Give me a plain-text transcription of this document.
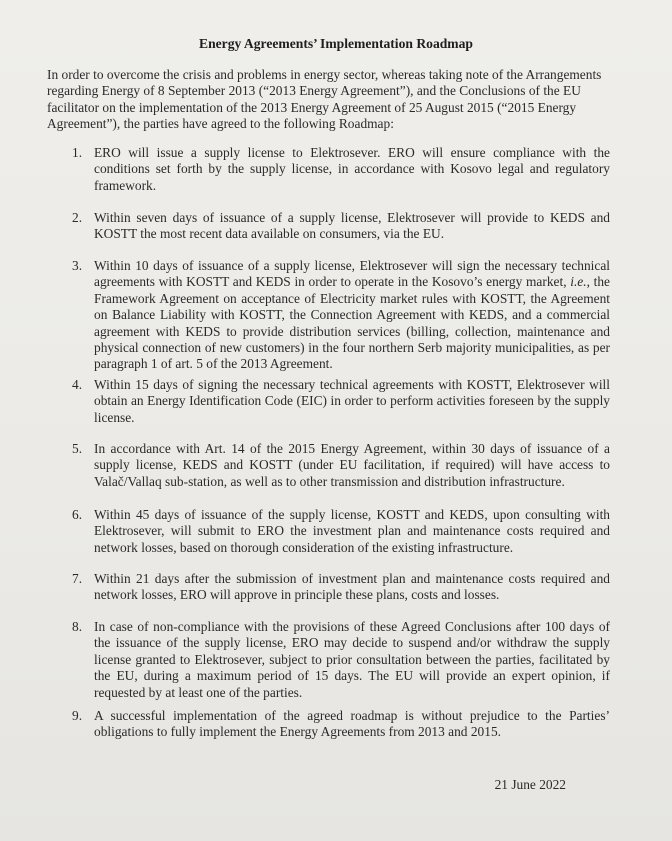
Energy Agreements’ Implementation Roadmap
In order to overcome the crisis and problems in energy sector, whereas taking note of the Arrangements regarding Energy of 8 September 2013 (“2013 Energy Agreement”), and the Conclusions of the EU facilitator on the implementation of the 2013 Energy Agreement of 25 August 2015 (“2015 Energy Agreement”), the parties have agreed to the following Roadmap:
1. ERO will issue a supply license to Elektrosever. ERO will ensure compliance with the conditions set forth by the supply license, in accordance with Kosovo legal and regulatory framework.
2. Within seven days of issuance of a supply license, Elektrosever will provide to KEDS and KOSTT the most recent data available on consumers, via the EU.
3. Within 10 days of issuance of a supply license, Elektrosever will sign the necessary technical agreements with KOSTT and KEDS in order to operate in the Kosovo’s energy market, i.e., the Framework Agreement on acceptance of Electricity market rules with KOSTT, the Agreement on Balance Liability with KOSTT, the Connection Agreement with KEDS, and a commercial agreement with KEDS to provide distribution services (billing, collection, maintenance and physical connection of new customers) in the four northern Serb majority municipalities, as per paragraph 1 of art. 5 of the 2013 Agreement.
4. Within 15 days of signing the necessary technical agreements with KOSTT, Elektrosever will obtain an Energy Identification Code (EIC) in order to perform activities foreseen by the supply license.
5. In accordance with Art. 14 of the 2015 Energy Agreement, within 30 days of issuance of a supply license, KEDS and KOSTT (under EU facilitation, if required) will have access to Valač/Vallaq sub-station, as well as to other transmission and distribution infrastructure.
6. Within 45 days of issuance of the supply license, KOSTT and KEDS, upon consulting with Elektrosever, will submit to ERO the investment plan and maintenance costs required and network losses, based on thorough consideration of the existing infrastructure.
7. Within 21 days after the submission of investment plan and maintenance costs required and network losses, ERO will approve in principle these plans, costs and losses.
8. In case of non-compliance with the provisions of these Agreed Conclusions after 100 days of the issuance of the supply license, ERO may decide to suspend and/or withdraw the supply license granted to Elektrosever, subject to prior consultation between the parties, facilitated by the EU, during a maximum period of 15 days. The EU will provide an expert opinion, if requested by at least one of the parties.
9. A successful implementation of the agreed roadmap is without prejudice to the Parties’ obligations to fully implement the Energy Agreements from 2013 and 2015.
21 June 2022
